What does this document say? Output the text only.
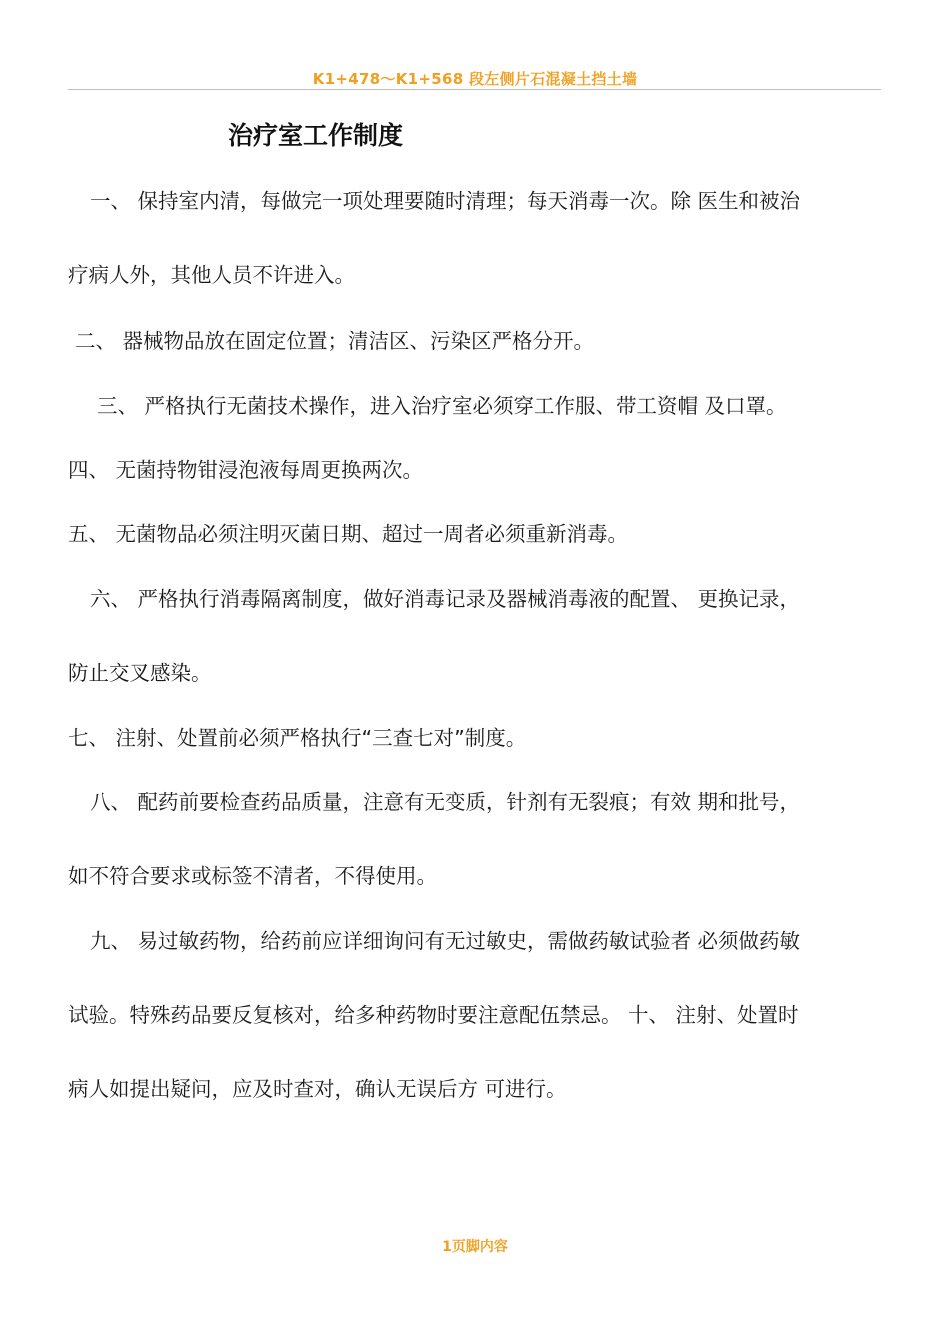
K1+478～K1+568 段左侧片石混凝土挡土墙
治疗室工作制度
一、 保持室内清，每做完一项处理要随时清理；每天消毒一次。除 医生和被治
疗病人外，其他人员不许进入。
二、 器械物品放在固定位置；清洁区、污染区严格分开。
三、 严格执行无菌技术操作，进入治疗室必须穿工作服、带工资帽 及口罩。
四、 无菌持物钳浸泡液每周更换两次。
五、 无菌物品必须注明灭菌日期、超过一周者必须重新消毒。
六、 严格执行消毒隔离制度，做好消毒记录及器械消毒液的配置、 更换记录，
防止交叉感染。
七、 注射、处置前必须严格执行“三查七对”制度。
八、 配药前要检查药品质量，注意有无变质，针剂有无裂痕；有效 期和批号，
如不符合要求或标签不清者，不得使用。
九、 易过敏药物，给药前应详细询问有无过敏史，需做药敏试验者 必须做药敏
试验。特殊药品要反复核对，给多种药物时要注意配伍禁忌。 十、 注射、处置时
病人如提出疑问，应及时查对，确认无误后方 可进行。
1页脚内容
